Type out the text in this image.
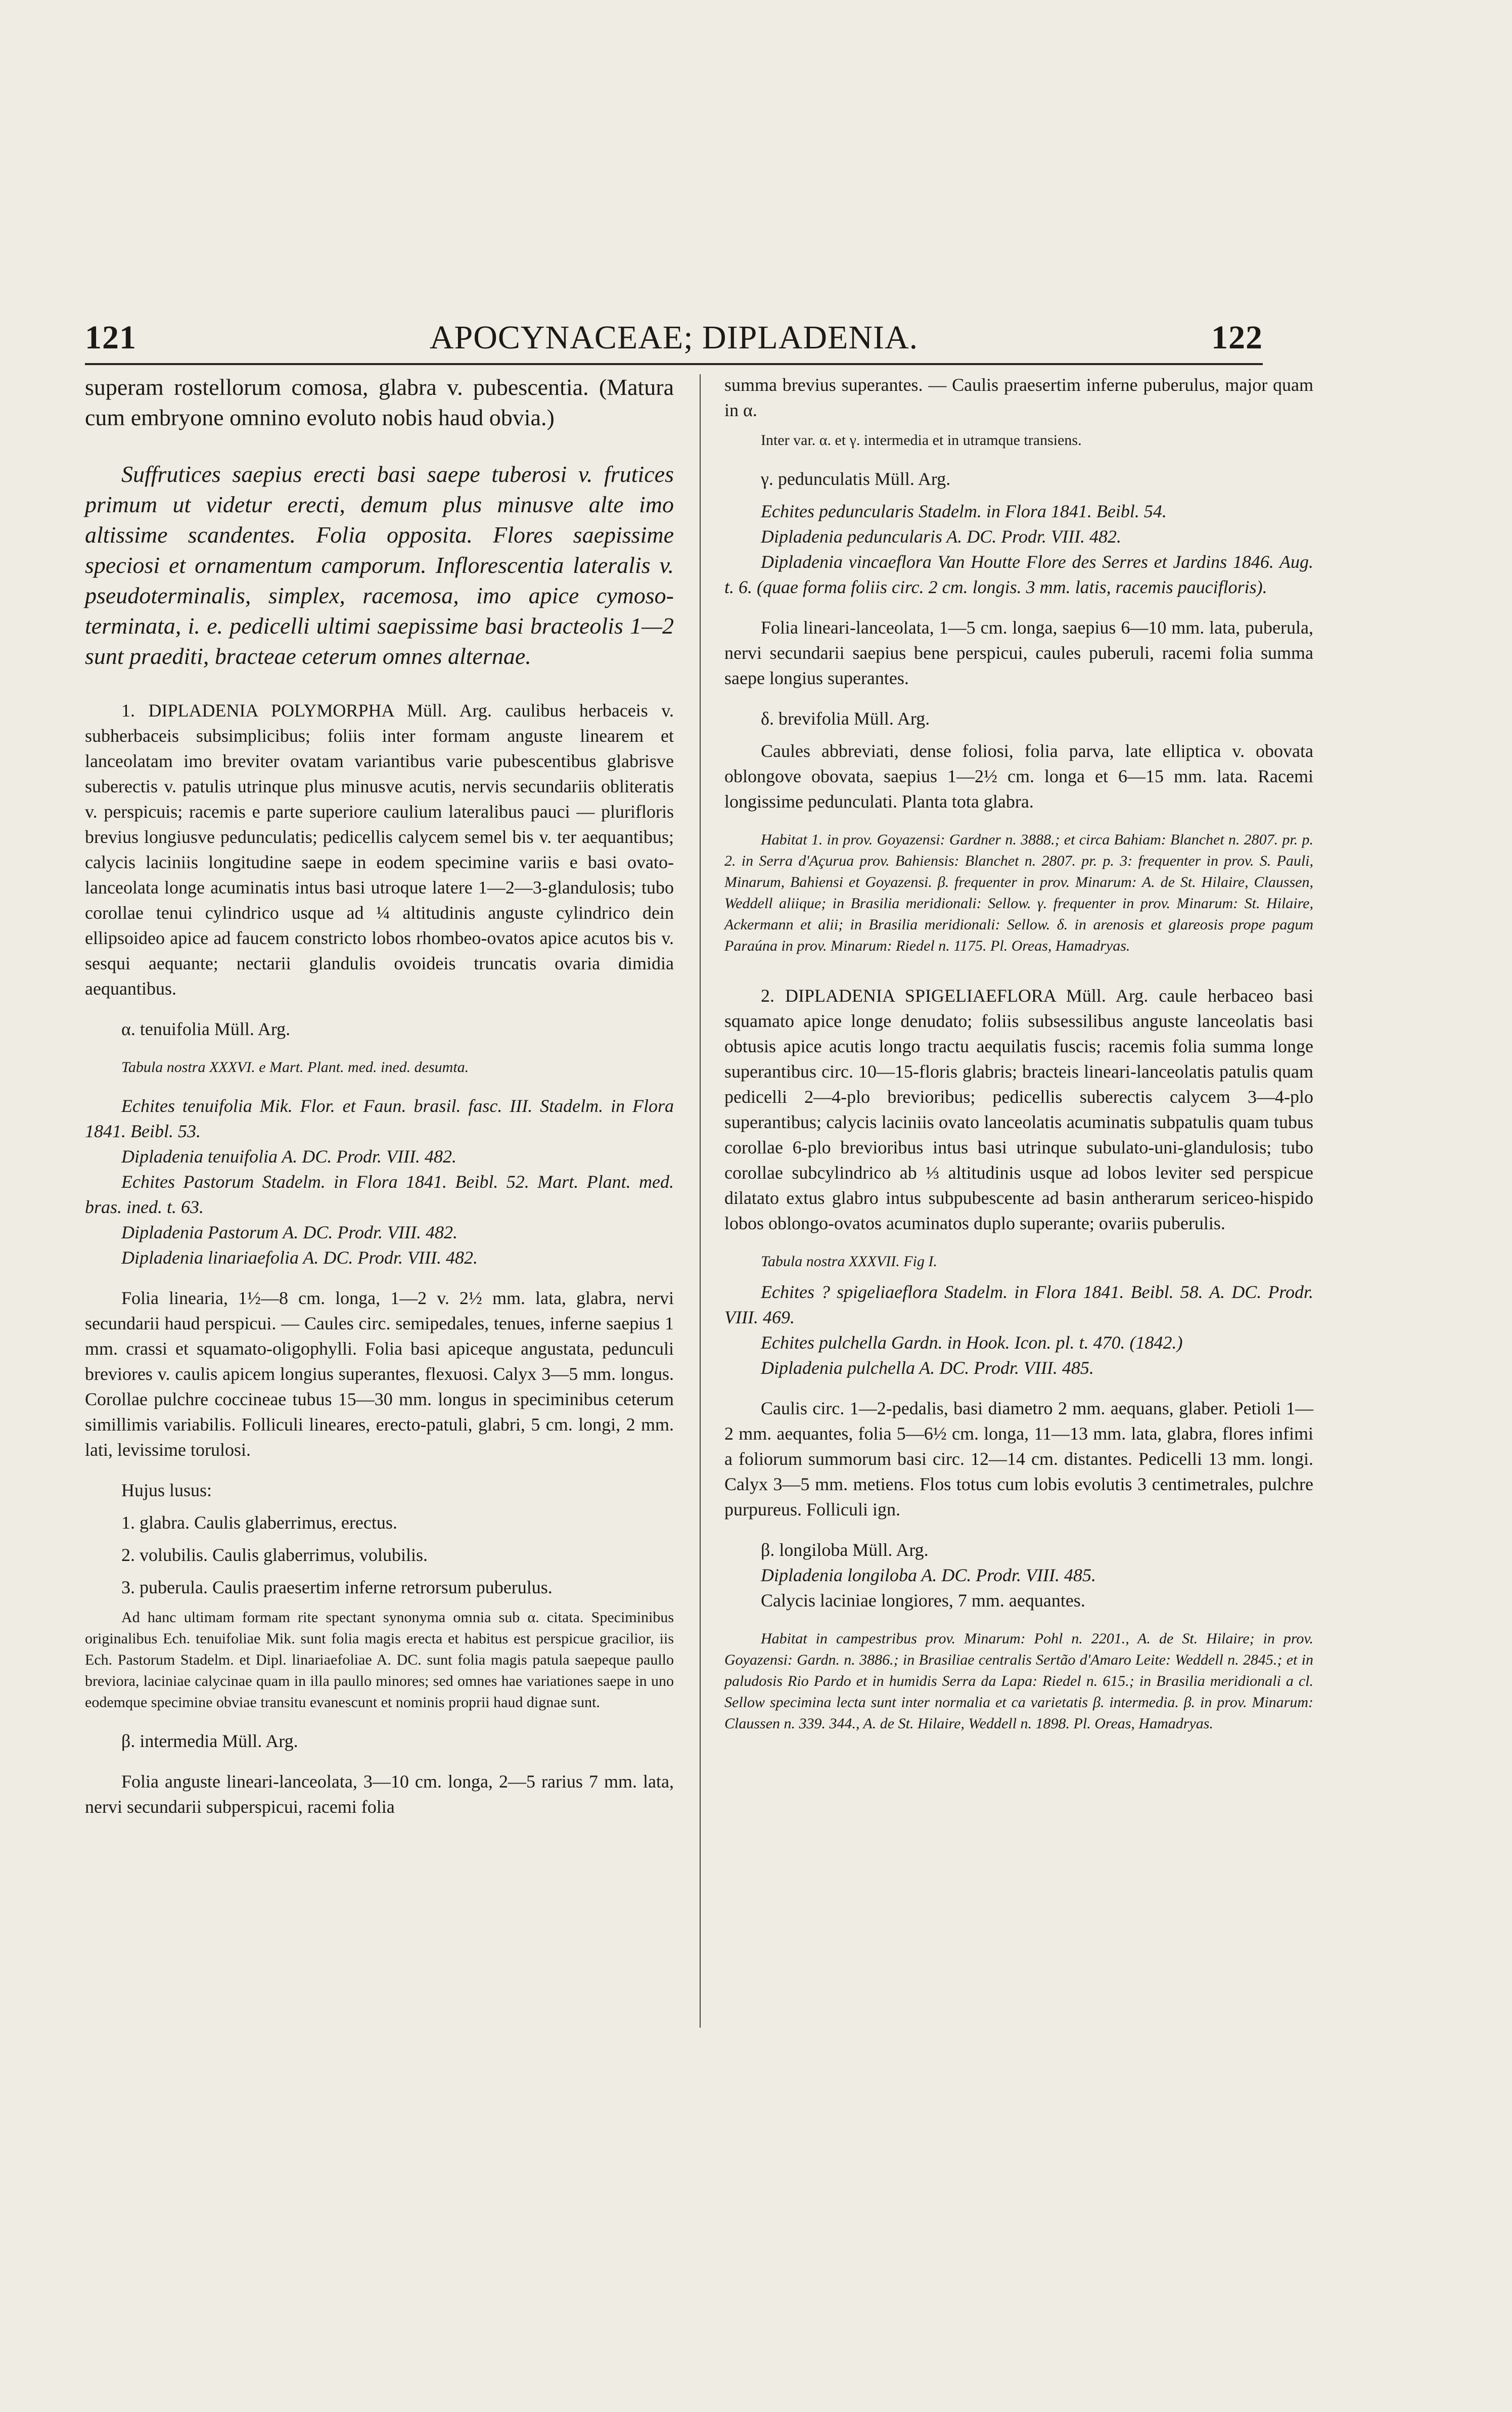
121	APOCYNACEAE; DIPLADENIA.	122

superam rostellorum comosa, glabra v. pubescentia. (Matura cum embryone omnino evoluto nobis haud obvia.)

Suffrutices saepius erecti basi saepe tuberosi v. frutices primum ut videtur erecti, demum plus minusve alte imo altissime scandentes. Folia opposita. Flores saepissime speciosi et ornamentum camporum. Inflorescentia lateralis v. pseudoterminalis, simplex, racemosa, imo apice cymoso-terminata, i. e. pedicelli ultimi saepissime basi bracteolis 1—2 sunt praediti, bracteae ceterum omnes alternae.

1. DIPLADENIA POLYMORPHA Müll. Arg. caulibus herbaceis v. subherbaceis subsimplicibus; foliis inter formam anguste linearem et lanceolatam imo breviter ovatam variantibus varie pubescentibus glabrisve suberectis v. patulis utrinque plus minusve acutis, nervis secundariis obliteratis v. perspicuis; racemis e parte superiore caulium lateralibus pauci — plurifloris brevius longiusve pedunculatis; pedicellis calycem semel bis v. ter aequantibus; calycis laciniis longitudine saepe in eodem specimine variis e basi ovato-lanceolata longe acuminatis intus basi utroque latere 1—2—3-glandulosis; tubo corollae tenui cylindrico usque ad ¼ altitudinis anguste cylindrico dein ellipsoideo apice ad faucem constricto lobos rhombeo-ovatos apice acutos bis v. sesqui aequante; nectarii glandulis ovoideis truncatis ovaria dimidia aequantibus.

α. tenuifolia Müll. Arg.

Tabula nostra XXXVI. e Mart. Plant. med. ined. desumta.

Echites tenuifolia Mik. Flor. et Faun. brasil. fasc. III. Stadelm. in Flora 1841. Beibl. 53.

Dipladenia tenuifolia A. DC. Prodr. VIII. 482.

Echites Pastorum Stadelm. in Flora 1841. Beibl. 52. Mart. Plant. med. bras. ined. t. 63.

Dipladenia Pastorum A. DC. Prodr. VIII. 482.

Dipladenia linariaefolia A. DC. Prodr. VIII. 482.

Folia linearia, 1½—8 cm. longa, 1—2 v. 2½ mm. lata, glabra, nervi secundarii haud perspicui. — Caules circ. semipedales, tenues, inferne saepius 1 mm. crassi et squamato-oligophylli. Folia basi apiceque angustata, pedunculi breviores v. caulis apicem longius superantes, flexuosi. Calyx 3—5 mm. longus. Corollae pulchre coccineae tubus 15—30 mm. longus in speciminibus ceterum simillimis variabilis. Folliculi lineares, erecto-patuli, glabri, 5 cm. longi, 2 mm. lati, levissime torulosi.

Hujus lusus:

1. glabra. Caulis glaberrimus, erectus.

2. volubilis. Caulis glaberrimus, volubilis.

3. puberula. Caulis praesertim inferne retrorsum puberulus.

Ad hanc ultimam formam rite spectant synonyma omnia sub α. citata. Speciminibus originalibus Ech. tenuifoliae Mik. sunt folia magis erecta et habitus est perspicue gracilior, iis Ech. Pastorum Stadelm. et Dipl. linariaefoliae A. DC. sunt folia magis patula saepeque paullo breviora, laciniae calycinae quam in illa paullo minores; sed omnes hae variationes saepe in uno eodemque specimine obviae transitu evanescunt et nominis proprii haud dignae sunt.

β. intermedia Müll. Arg.

Folia anguste lineari-lanceolata, 3—10 cm. longa, 2—5 rarius 7 mm. lata, nervi secundarii subperspicui, racemi folia

summa brevius superantes. — Caulis praesertim inferne puberulus, major quam in α.

Inter var. α. et γ. intermedia et in utramque transiens.

γ. pedunculatis Müll. Arg.

Echites peduncularis Stadelm. in Flora 1841. Beibl. 54.

Dipladenia peduncularis A. DC. Prodr. VIII. 482.

Dipladenia vincaeflora Van Houtte Flore des Serres et Jardins 1846. Aug. t. 6. (quae forma foliis circ. 2 cm. longis. 3 mm. latis, racemis paucifloris).

Folia lineari-lanceolata, 1—5 cm. longa, saepius 6—10 mm. lata, puberula, nervi secundarii saepius bene perspicui, caules puberuli, racemi folia summa saepe longius superantes.

δ. brevifolia Müll. Arg.

Caules abbreviati, dense foliosi, folia parva, late elliptica v. obovata oblongove obovata, saepius 1—2½ cm. longa et 6—15 mm. lata. Racemi longissime pedunculati. Planta tota glabra.

Habitat 1. in prov. Goyazensi: Gardner n. 3888.; et circa Bahiam: Blanchet n. 2807. pr. p. 2. in Serra d'Açurua prov. Bahiensis: Blanchet n. 2807. pr. p. 3: frequenter in prov. S. Pauli, Minarum, Bahiensi et Goyazensi. β. frequenter in prov. Minarum: A. de St. Hilaire, Claussen, Weddell aliique; in Brasilia meridionali: Sellow. γ. frequenter in prov. Minarum: St. Hilaire, Ackermann et alii; in Brasilia meridionali: Sellow. δ. in arenosis et glareosis prope pagum Paraúna in prov. Minarum: Riedel n. 1175. Pl. Oreas, Hamadryas.

2. DIPLADENIA SPIGELIAEFLORA Müll. Arg. caule herbaceo basi squamato apice longe denudato; foliis subsessilibus anguste lanceolatis basi obtusis apice acutis longo tractu aequilatis fuscis; racemis folia summa longe superantibus circ. 10—15-floris glabris; bracteis lineari-lanceolatis patulis quam pedicelli 2—4-plo brevioribus; pedicellis suberectis calycem 3—4-plo superantibus; calycis laciniis ovato lanceolatis acuminatis subpatulis quam tubus corollae 6-plo brevioribus intus basi utrinque subulato-uni-glandulosis; tubo corollae subcylindrico ab ⅓ altitudinis usque ad lobos leviter sed perspicue dilatato extus glabro intus subpubescente ad basin antherarum sericeo-hispido lobos oblongo-ovatos acuminatos duplo superante; ovariis puberulis.

Tabula nostra XXXVII. Fig I.

Echites ? spigeliaeflora Stadelm. in Flora 1841. Beibl. 58. A. DC. Prodr. VIII. 469.

Echites pulchella Gardn. in Hook. Icon. pl. t. 470. (1842.)

Dipladenia pulchella A. DC. Prodr. VIII. 485.

Caulis circ. 1—2-pedalis, basi diametro 2 mm. aequans, glaber. Petioli 1—2 mm. aequantes, folia 5—6½ cm. longa, 11—13 mm. lata, glabra, flores infimi a foliorum summorum basi circ. 12—14 cm. distantes. Pedicelli 13 mm. longi. Calyx 3—5 mm. metiens. Flos totus cum lobis evolutis 3 centimetrales, pulchre purpureus. Folliculi ign.

β. longiloba Müll. Arg.

Dipladenia longiloba A. DC. Prodr. VIII. 485.

Calycis laciniae longiores, 7 mm. aequantes.

Habitat in campestribus prov. Minarum: Pohl n. 2201., A. de St. Hilaire; in prov. Goyazensi: Gardn. n. 3886.; in Brasiliae centralis Sertão d'Amaro Leite: Weddell n. 2845.; et in paludosis Rio Pardo et in humidis Serra da Lapa: Riedel n. 615.; in Brasilia meridionali a cl. Sellow specimina lecta sunt inter normalia et ca varietatis β. intermedia. β. in prov. Minarum: Claussen n. 339. 344., A. de St. Hilaire, Weddell n. 1898. Pl. Oreas, Hamadryas.
